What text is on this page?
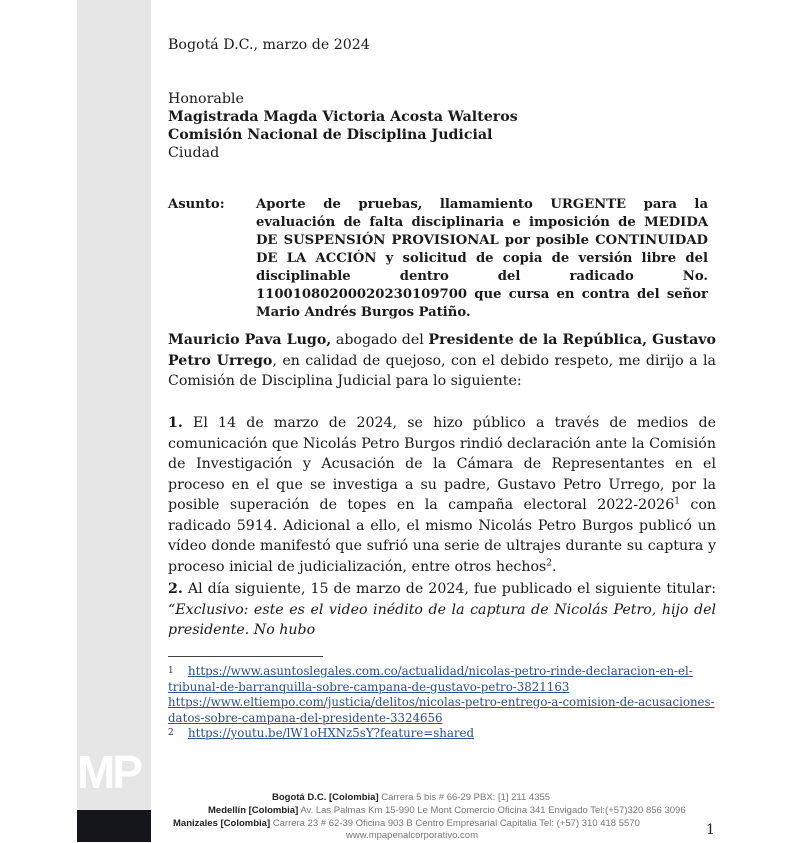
MP
Bogotá D.C., marzo de 2024
Honorable
Magistrada Magda Victoria Acosta Walteros
Comisión Nacional de Disciplina Judicial
Ciudad
Asunto:	Aporte de pruebas, llamamiento URGENTE para la evaluación de falta disciplinaria e imposición de MEDIDA DE SUSPENSIÓN PROVISIONAL por posible CONTINUIDAD DE LA ACCIÓN y solicitud de copia de versión libre del disciplinable dentro del radicado No. 110010802000202301097​00 que cursa en contra del señor Mario Andrés Burgos Patiño.
Mauricio Pava Lugo, abogado del Presidente de la República, Gustavo Petro Urrego, en calidad de quejoso, con el debido respeto, me dirijo a la Comisión de Disciplina Judicial para lo siguiente:
1. El 14 de marzo de 2024, se hizo público a través de medios de comunicación que Nicolás Petro Burgos rindió declaración ante la Comisión de Investigación y Acusación de la Cámara de Representantes en el proceso en el que se investiga a su padre, Gustavo Petro Urrego, por la posible superación de topes en la campaña electoral 2022-2026$^1$ con radicado 5914. Adicional a ello, el mismo Nicolás Petro Burgos publicó un vídeo donde manifestó que sufrió una serie de ultrajes durante su captura y proceso inicial de judicialización, entre otros hechos$^2$.
2. Al día siguiente, 15 de marzo de 2024, fue publicado el siguiente titular: “Exclusivo: este es el video inédito de la captura de Nicolás Petro, hijo del presidente. No hubo
1 https://www.asuntoslegales.com.co/actualidad/nicolas-petro-rinde-declaracion-en-el-tribunal-de-barranquilla-sobre-campana-de-gustavo-petro-3821163
https://www.eltiempo.com/justicia/delitos/nicolas-petro-entrego-a-comision-de-acusaciones-datos-sobre-campana-del-presidente-3324656
2 https://youtu.be/lW1oHXNz5sY?feature=shared
Bogotá D.C. [Colombia] Carrera 5 bis # 66-29 PBX: [1] 211 4355
Medellín [Colombia] Av. Las Palmas Km 15-990 Le Mont Comercio Oficina 341 Envigado Tel:(+57)320 856 3096
Manizales [Colombia] Carrera 23 # 62-39 Oficina 903 B Centro Empresarial Capitalia Tel: (+57) 310 418 5570
www.mpapenalcorporativo.com	1
